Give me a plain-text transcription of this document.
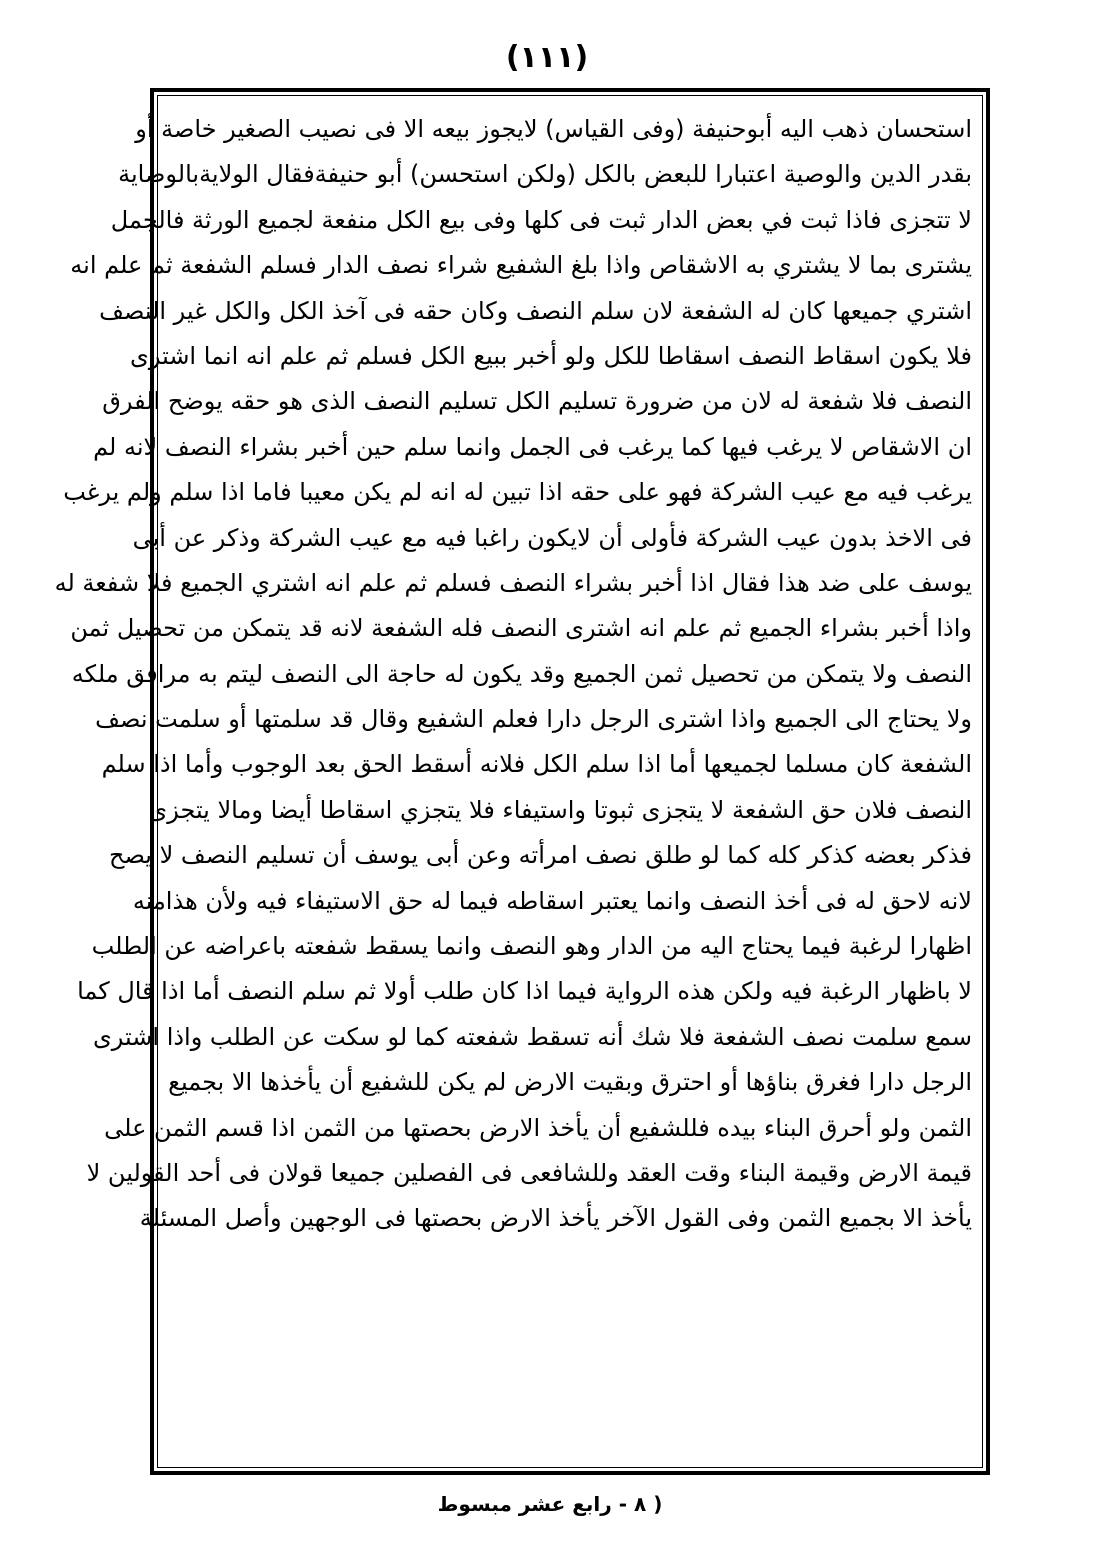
(١١١)
استحسان ذهب اليه أبوحنيفة (وفى القياس) لايجوز بيعه الا فى نصيب الصغير خاصة أو
بقدر الدين والوصية اعتبارا للبعض بالكل (ولكن استحسن) أبو حنيفةفقال الولايةبالوصاية
لا تتجزى فاذا ثبت في بعض الدار ثبت فى كلها وفى بيع الكل منفعة لجميع الورثة فالجمل
يشترى بما لا يشتري به الاشقاص واذا بلغ الشفيع شراء نصف الدار فسلم الشفعة ثم علم انه
اشتري جميعها كان له الشفعة لان سلم النصف وكان حقه فى آخذ الكل والكل غير النصف
فلا يكون اسقاط النصف اسقاطا للكل ولو أخبر ببيع الكل فسلم ثم علم انه انما اشترى
النصف فلا شفعة له لان من ضرورة تسليم الكل تسليم النصف الذى هو حقه يوضح الفرق
ان الاشقاص لا يرغب فيها كما يرغب فى الجمل وانما سلم حين أخبر بشراء النصف لانه لم
يرغب فيه مع عيب الشركة فهو على حقه اذا تبين له انه لم يكن معيبا فاما اذا سلم ولم يرغب
فى الاخذ بدون عيب الشركة فأولى أن لايكون راغبا فيه مع عيب الشركة وذكر عن أبى
يوسف على ضد هذا فقال اذا أخبر بشراء النصف فسلم ثم علم انه اشتري الجميع فلا شفعة له
واذا أخبر بشراء الجميع ثم علم انه اشترى النصف فله الشفعة لانه قد يتمكن من تحصيل ثمن
النصف ولا يتمكن من تحصيل ثمن الجميع وقد يكون له حاجة الى النصف ليتم به مرافق ملكه
ولا يحتاج الى الجميع واذا اشترى الرجل دارا فعلم الشفيع وقال قد سلمتها أو سلمت نصف
الشفعة كان مسلما لجميعها أما اذا سلم الكل فلانه أسقط الحق بعد الوجوب وأما اذا سلم
النصف فلان حق الشفعة لا يتجزى ثبوتا واستيفاء فلا يتجزي اسقاطا أيضا ومالا يتجزى
فذكر بعضه كذكر كله كما لو طلق نصف امرأته وعن أبى يوسف أن تسليم النصف لا يصح
لانه لاحق له فى أخذ النصف وانما يعتبر اسقاطه فيما له حق الاستيفاء فيه ولأن هذامنه
اظهارا لرغبة فيما يحتاج اليه من الدار وهو النصف وانما يسقط شفعته باعراضه عن الطلب
لا باظهار الرغبة فيه ولكن هذه الرواية فيما اذا كان طلب أولا ثم سلم النصف أما اذا قال كما
سمع سلمت نصف الشفعة فلا شك أنه تسقط شفعته كما لو سكت عن الطلب واذا اشترى
الرجل دارا فغرق بناؤها أو احترق وبقيت الارض لم يكن للشفيع أن يأخذها الا بجميع
الثمن ولو أحرق البناء بيده فللشفيع أن يأخذ الارض بحصتها من الثمن اذا قسم الثمن على
قيمة الارض وقيمة البناء وقت العقد وللشافعى فى الفصلين جميعا قولان فى أحد القولين لا
يأخذ الا بجميع الثمن وفى القول الآخر يأخذ الارض بحصتها فى الوجهين وأصل المسئلة
( ٨ - رابع عشر مبسوط
